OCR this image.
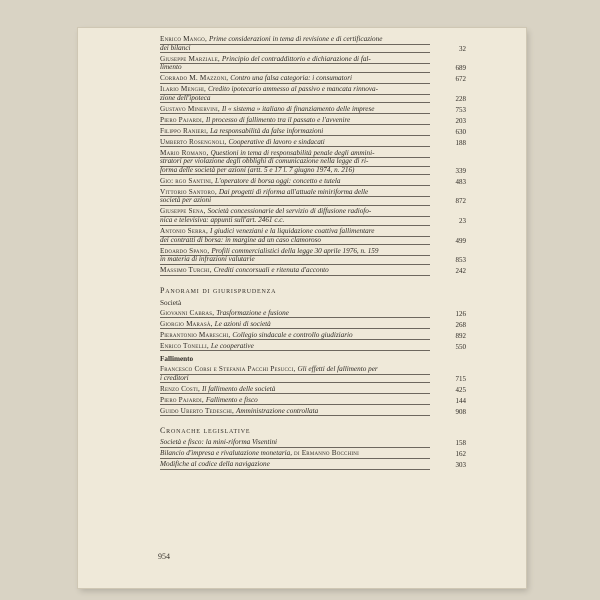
Enrico Mango, Prime considerazioni in tema di revisione e di certificazione
dei bilanci	32
Giuseppe Marziale, Principio del contraddittorio e dichiarazione di fal-
limento	689
Corrado M. Mazzoni, Contro una falsa categoria: i consumatori	672
Ilario Menghi, Credito ipotecario ammesso al passivo e mancata rinnova-
zione dell'ipoteca	228
Gustavo Minervini, Il « sistema » italiano di finanziamento delle imprese	753
Piero Pajardi, Il processo di fallimento tra il passato e l'avvenire	203
Filippo Ranieri, La responsabilità da false informazioni	630
Umberto Rosengnoli, Cooperative di lavoro e sindacati	188
Mario Romano, Questioni in tema di responsabilità penale degli ammini-
stratori per violazione degli obblighi di comunicazione nella legge di ri-
forma delle società per azioni (artt. 5 e 17 l. 7 giugno 1974, n. 216)	339
Gio: rgo Santini, L'operatore di borsa oggi: concetto e tutela	483
Vittorio Santoro, Dai progetti di riforma all'attuale miniriforma delle
società per azioni	872
Giuseppe Sena, Società concessionarie del servizio di diffusione radiofo-
nica e televisiva: appunti sull'art. 2461 c.c.	23
Antonio Serra, I giudici veneziani e la liquidazione coattiva fallimentare
dei contratti di borsa: in margine ad un caso clamoroso	499
Edoardo Spano, Profili commercialistici della legge 30 aprile 1976, n. 159
in materia di infrazioni valutarie	853
Massimo Turchi, Crediti concorsuali e ritenuta d'acconto	242
Panorami di giurisprudenza
Società
Giovanni Cabras, Trasformazione e fusione	126
Giorgio Marasà, Le azioni di società	268
Pierantonio Mareschi, Collegio sindacale e controllo giudiziario	892
Enrico Tonelli, Le cooperative	550
Fallimento
Francesco Corsi e Stefania Pacchi Pesucci, Gli effetti del fallimento per
i creditori	715
Renzo Costi, Il fallimento delle società	425
Piero Pajardi, Fallimento e fisco	144
Guido Uberto Tedeschi, Amministrazione controllata	908
Cronache legislative
Società e fisco: la mini-riforma Visentini	158
Bilancio d'impresa e rivalutazione monetaria, di Ermanno Bocchini	162
Modifiche al codice della navigazione	303
954
